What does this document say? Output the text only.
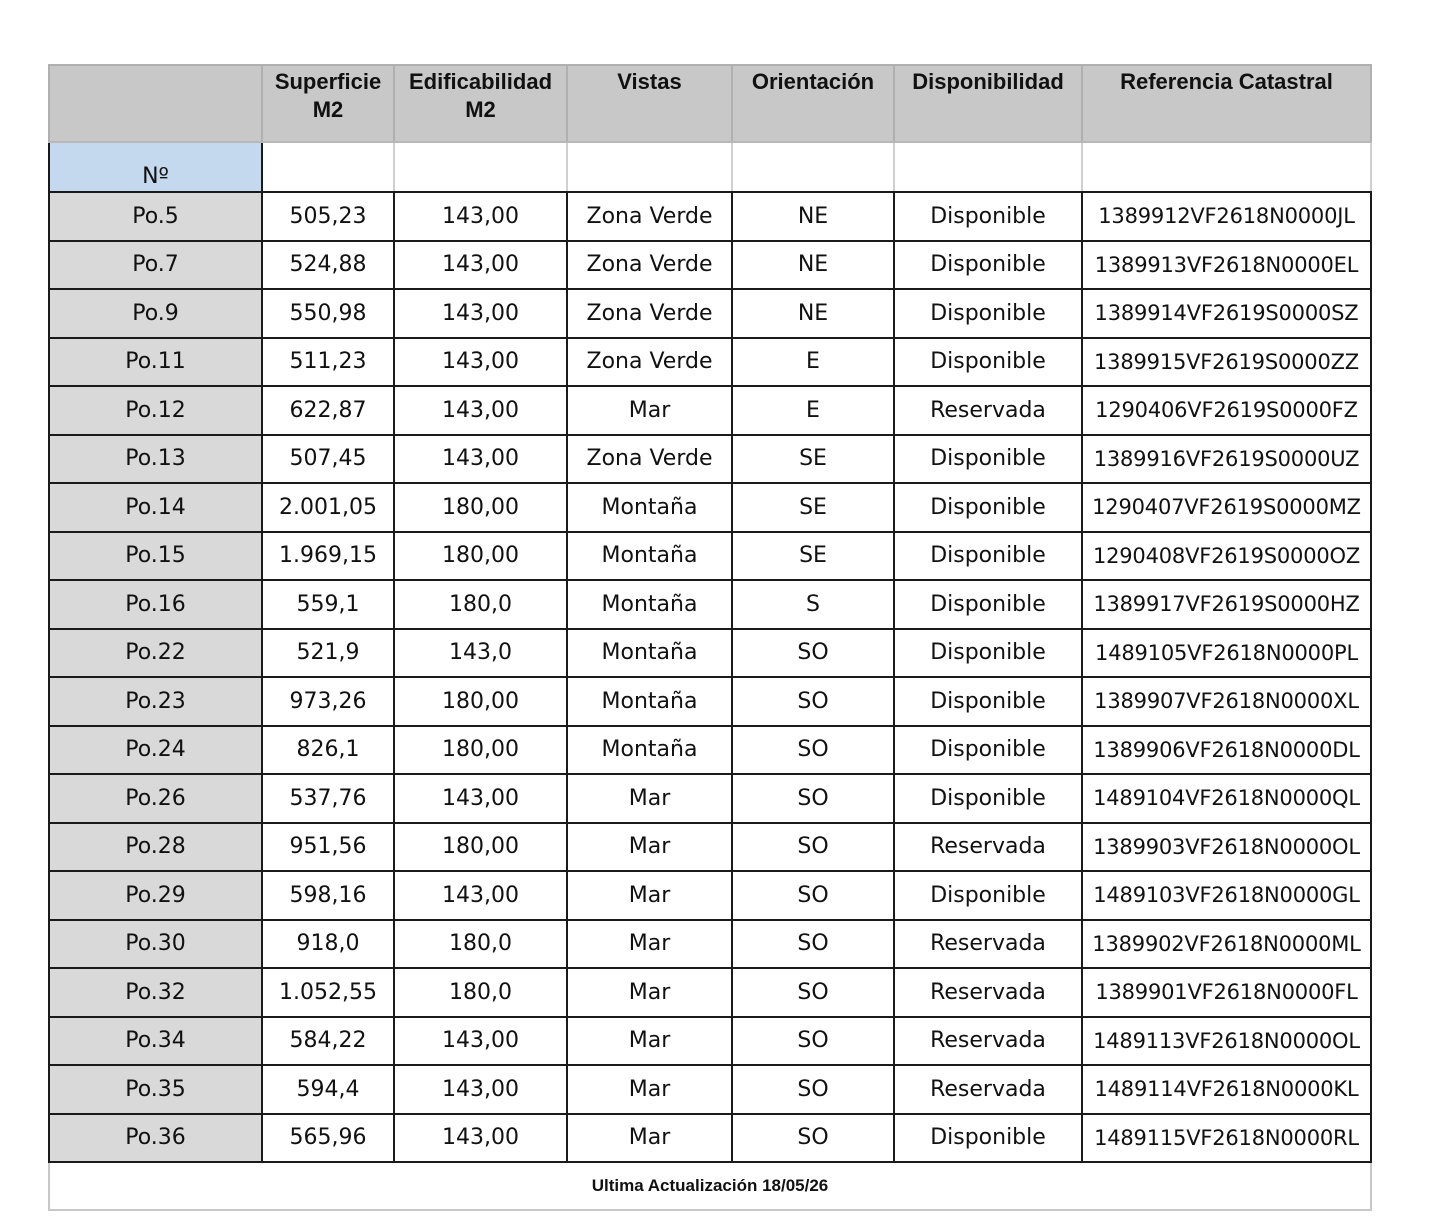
	Superficie M2	Edificabilidad M2	Vistas	Orientación	Disponibilidad	Referencia Catastral
Nº						
Po.5	505,23	143,00	Zona Verde	NE	Disponible	1389912VF2618N0000JL
Po.7	524,88	143,00	Zona Verde	NE	Disponible	1389913VF2618N0000EL
Po.9	550,98	143,00	Zona Verde	NE	Disponible	1389914VF2619S0000SZ
Po.11	511,23	143,00	Zona Verde	E	Disponible	1389915VF2619S0000ZZ
Po.12	622,87	143,00	Mar	E	Reservada	1290406VF2619S0000FZ
Po.13	507,45	143,00	Zona Verde	SE	Disponible	1389916VF2619S0000UZ
Po.14	2.001,05	180,00	Montaña	SE	Disponible	1290407VF2619S0000MZ
Po.15	1.969,15	180,00	Montaña	SE	Disponible	1290408VF2619S0000OZ
Po.16	559,1	180,0	Montaña	S	Disponible	1389917VF2619S0000HZ
Po.22	521,9	143,0	Montaña	SO	Disponible	1489105VF2618N0000PL
Po.23	973,26	180,00	Montaña	SO	Disponible	1389907VF2618N0000XL
Po.24	826,1	180,00	Montaña	SO	Disponible	1389906VF2618N0000DL
Po.26	537,76	143,00	Mar	SO	Disponible	1489104VF2618N0000QL
Po.28	951,56	180,00	Mar	SO	Reservada	1389903VF2618N0000OL
Po.29	598,16	143,00	Mar	SO	Disponible	1489103VF2618N0000GL
Po.30	918,0	180,0	Mar	SO	Reservada	1389902VF2618N0000ML
Po.32	1.052,55	180,0	Mar	SO	Reservada	1389901VF2618N0000FL
Po.34	584,22	143,00	Mar	SO	Reservada	1489113VF2618N0000OL
Po.35	594,4	143,00	Mar	SO	Reservada	1489114VF2618N0000KL
Po.36	565,96	143,00	Mar	SO	Disponible	1489115VF2618N0000RL
Ultima Actualización 18/05/26						
